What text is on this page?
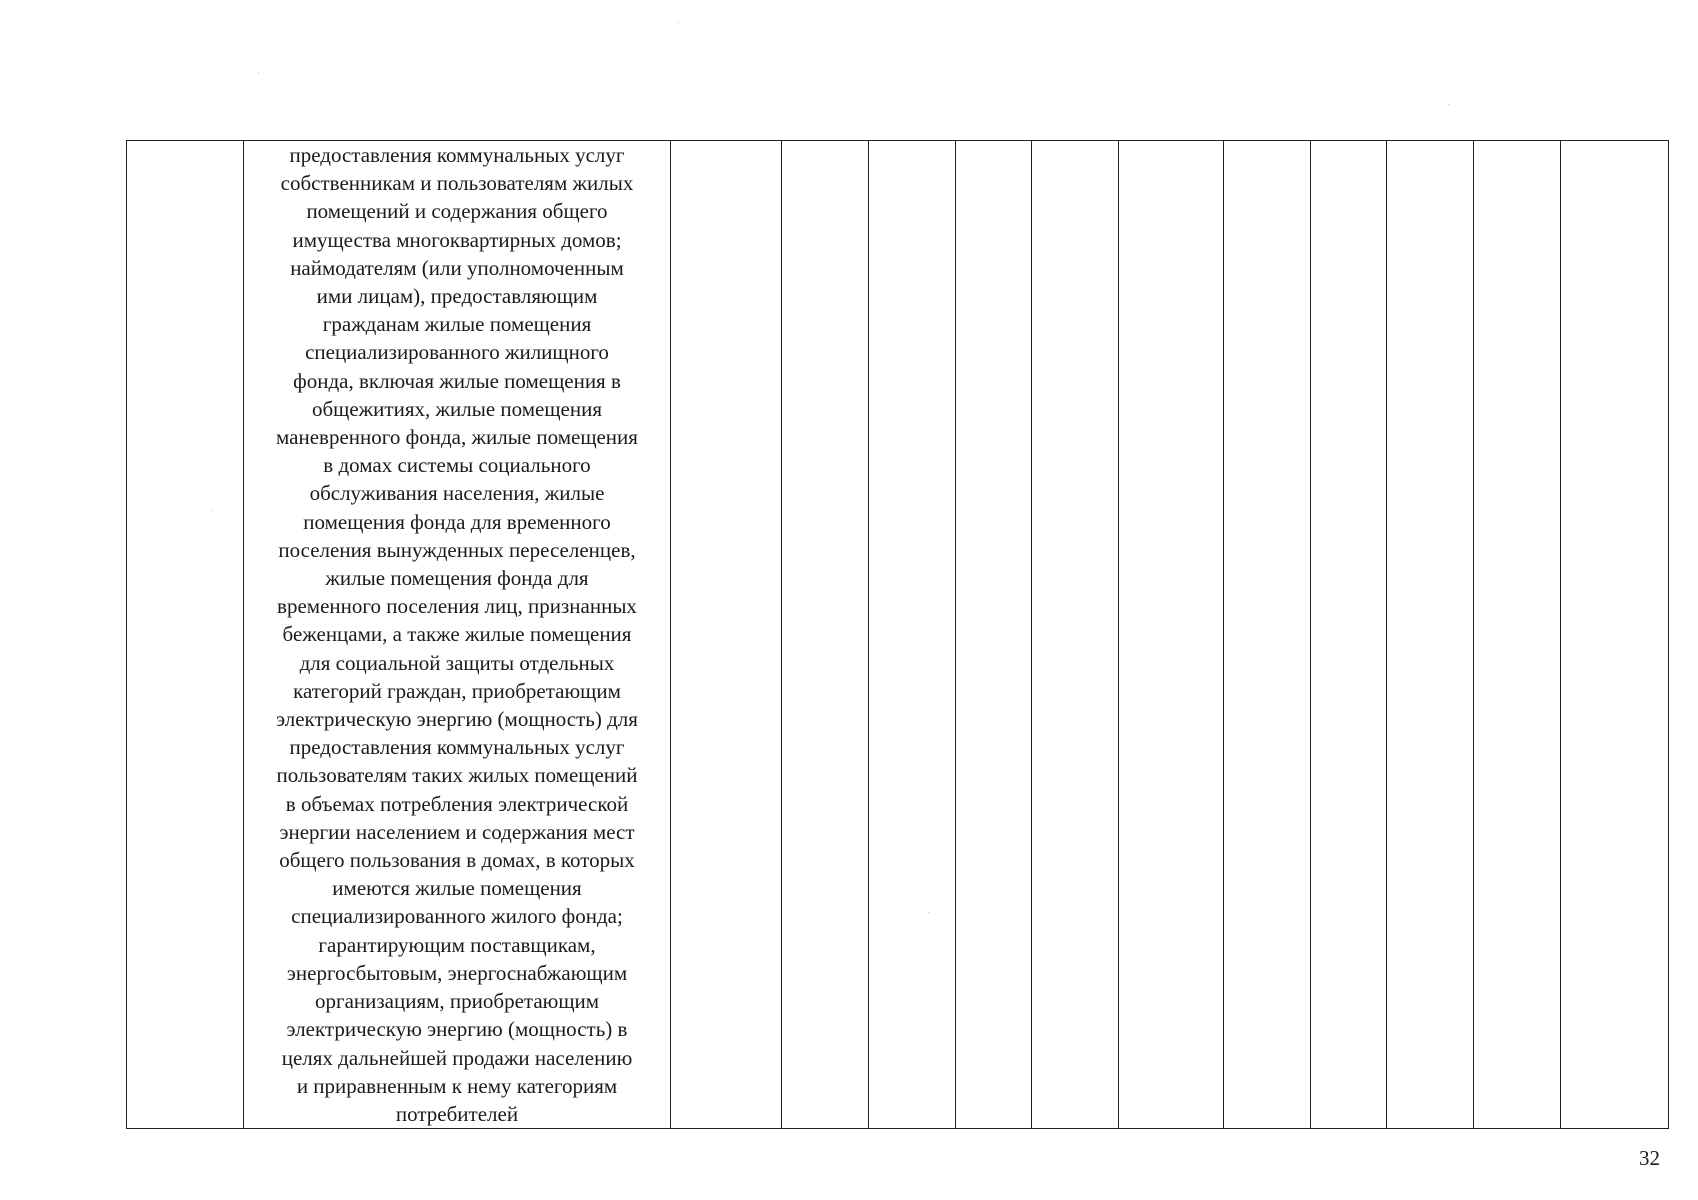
предоставления коммунальных услуг
собственникам и пользователям жилых
помещений и содержания общего
имущества многоквартирных домов;
наймодателям (или уполномоченным
ими лицам), предоставляющим
гражданам жилые помещения
специализированного жилищного
фонда, включая жилые помещения в
общежитиях, жилые помещения
маневренного фонда, жилые помещения
в домах системы социального
обслуживания населения, жилые
помещения фонда для временного
поселения вынужденных переселенцев,
жилые помещения фонда для
временного поселения лиц, признанных
беженцами, а также жилые помещения
для социальной защиты отдельных
категорий граждан, приобретающим
электрическую энергию (мощность) для
предоставления коммунальных услуг
пользователям таких жилых помещений
в объемах потребления электрической
энергии населением и содержания мест
общего пользования в домах, в которых
имеются жилые помещения
специализированного жилого фонда;
гарантирующим поставщикам,
энергосбытовым, энергоснабжающим
организациям, приобретающим
электрическую энергию (мощность) в
целях дальнейшей продажи населению
и приравненным к нему категориям
потребителей

32
